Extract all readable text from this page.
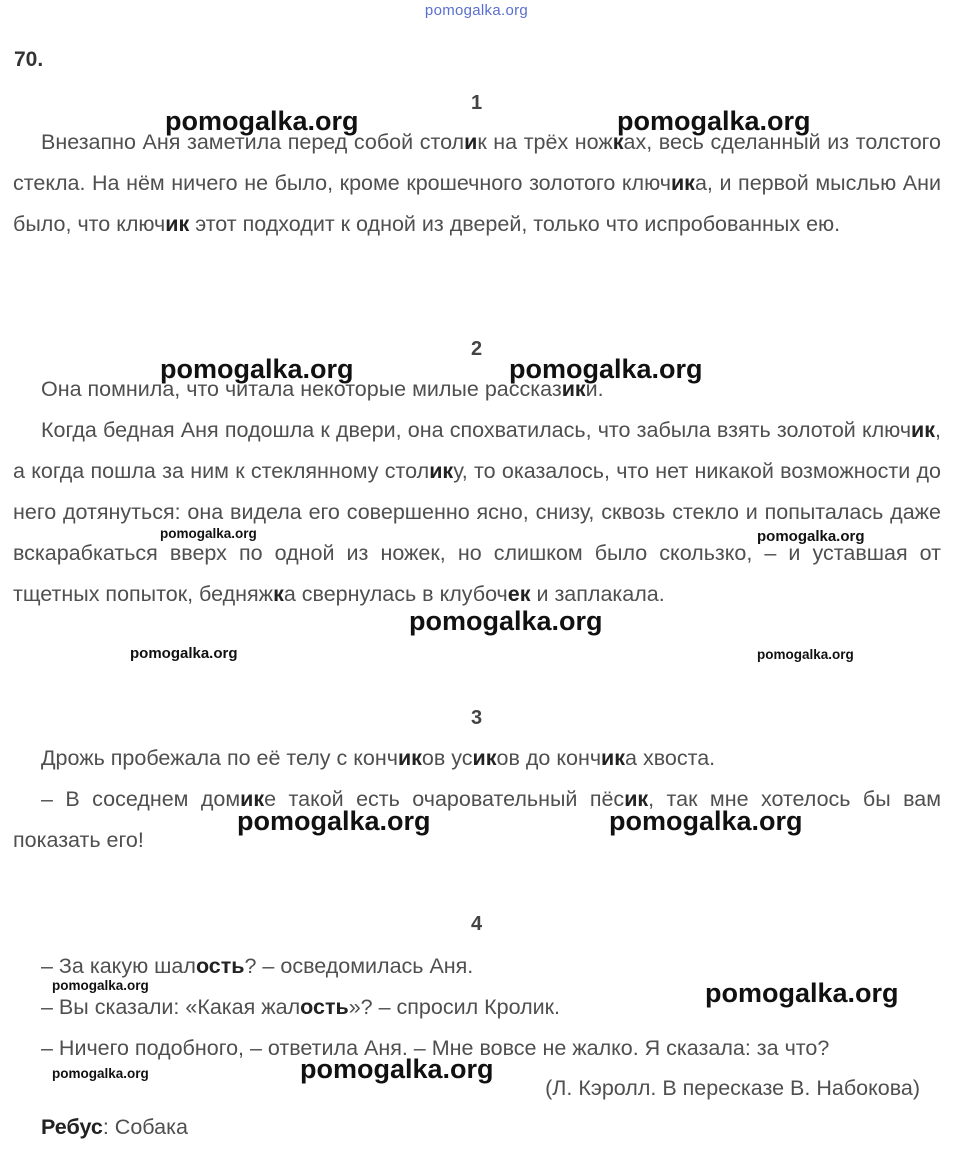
pomogalka.org
70.
1
Внезапно Аня заметила перед собой столик на трёх ножках, весь сделанный из толстого стекла. На нём ничего не было, кроме крошечного золотого ключика, и первой мыслью Ани было, что ключик этот подходит к одной из дверей, только что испробованных ею.
2
Она помнила, что читала некоторые милые рассказики.
Когда бедная Аня подошла к двери, она спохватилась, что забыла взять золотой ключик, а когда пошла за ним к стеклянному столику, то оказалось, что нет никакой возможности до него дотянуться: она видела его совершенно ясно, снизу, сквозь стекло и попыталась даже вскарабкаться вверх по одной из ножек, но слишком было скользко, – и уставшая от тщетных попыток, бедняжка свернулась в клубочек и заплакала.
3
Дрожь пробежала по её телу с кончиков усиков до кончика хвоста.
– В соседнем домике такой есть очаровательный пёсик, так мне хотелось бы вам показать его!
4
– За какую шалость? – осведомилась Аня.
– Вы сказали: «Какая жалость»? – спросил Кролик.
– Ничего подобного, – ответила Аня. – Мне вовсе не жалко. Я сказала: за что?
(Л. Кэролл. В пересказе В. Набокова)
Ребус: Собака
pomogalka.org	pomogalka.org
pomogalka.org	pomogalka.org
pomogalka.org	pomogalka.org
pomogalka.org
pomogalka.org	pomogalka.org
pomogalka.org	pomogalka.org
pomogalka.org	pomogalka.org
pomogalka.org	pomogalka.org
